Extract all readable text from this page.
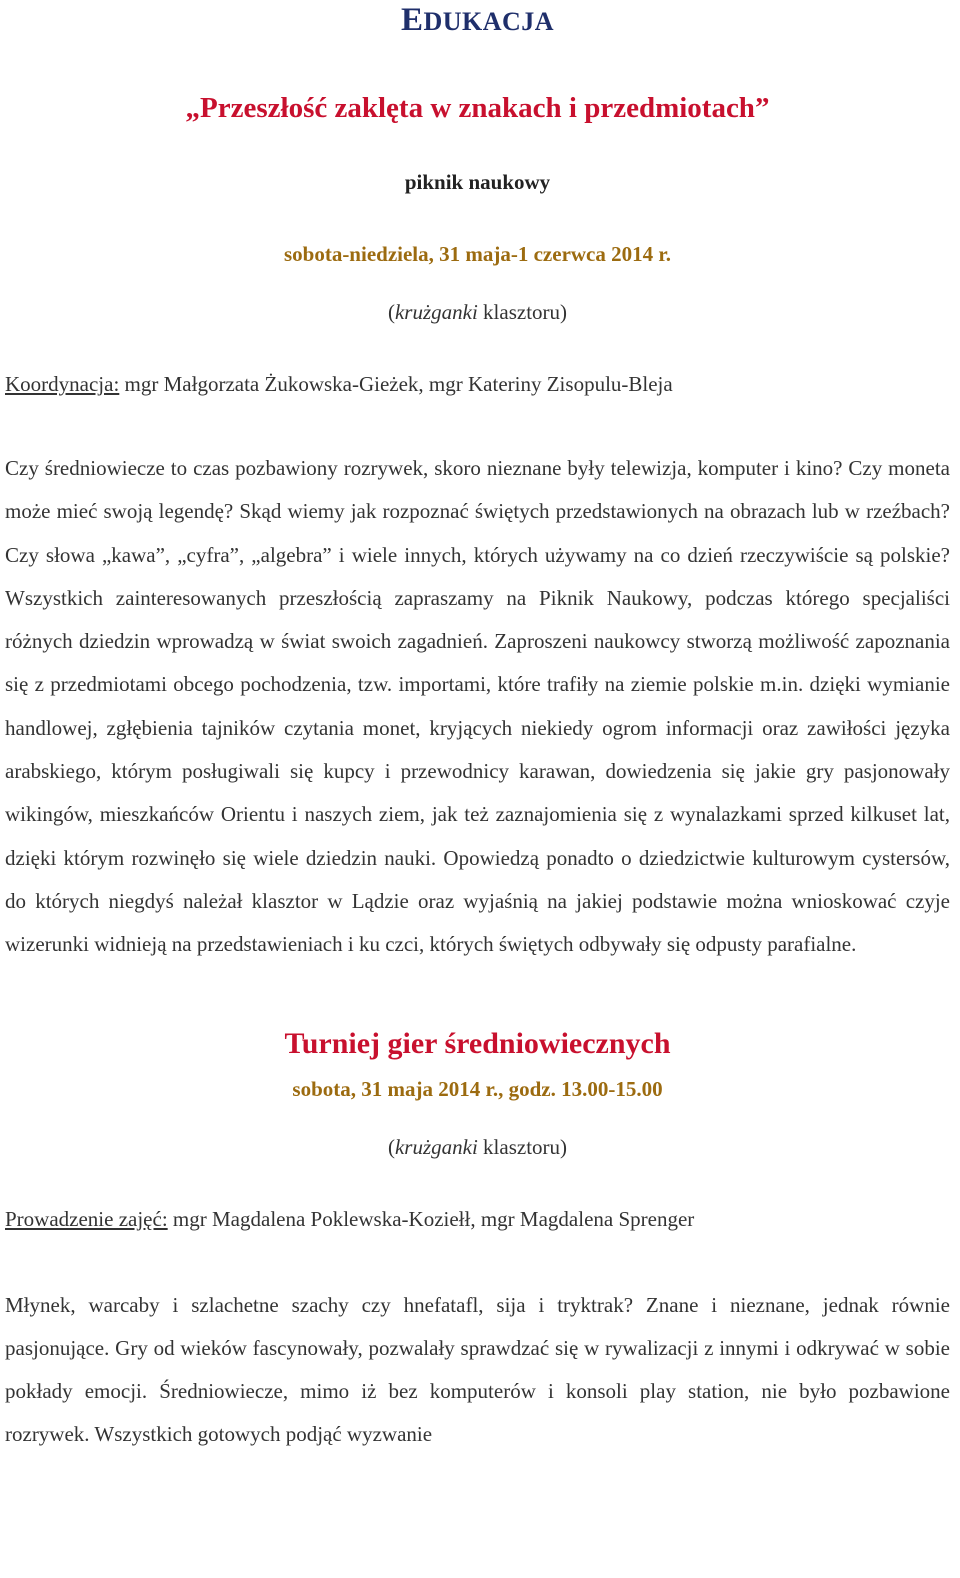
EDUKACJA
„Przeszłość zaklęta w znakach i przedmiotach”
piknik naukowy
sobota-niedziela, 31 maja-1 czerwca 2014 r.
(krużganki klasztoru)
Koordynacja: mgr Małgorzata Żukowska-Gieżek, mgr Kateriny Zisopulu-Bleja
Czy średniowiecze to czas pozbawiony rozrywek, skoro nieznane były telewizja, komputer i kino? Czy moneta może mieć swoją legendę? Skąd wiemy jak rozpoznać świętych przedstawionych na obrazach lub w rzeźbach? Czy słowa „kawa”, „cyfra”, „algebra” i wiele innych, których używamy na co dzień rzeczywiście są polskie? Wszystkich zainteresowanych przeszłością zapraszamy na Piknik Naukowy, podczas którego specjaliści różnych dziedzin wprowadzą w świat swoich zagadnień. Zaproszeni naukowcy stworzą możliwość zapoznania się z przedmiotami obcego pochodzenia, tzw. importami, które trafiły na ziemie polskie m.in. dzięki wymianie handlowej, zgłębienia tajników czytania monet, kryjących niekiedy ogrom informacji oraz zawiłości języka arabskiego, którym posługiwali się kupcy i przewodnicy karawan, dowiedzenia się jakie gry pasjonowały wikingów, mieszkańców Orientu i naszych ziem, jak też zaznajomienia się z wynalazkami sprzed kilkuset lat, dzięki którym rozwinęło się wiele dziedzin nauki. Opowiedzą ponadto o dziedzictwie kulturowym cystersów, do których niegdyś należał klasztor w Lądzie oraz wyjaśnią na jakiej podstawie można wnioskować czyje wizerunki widnieją na przedstawieniach i ku czci, których świętych odbywały się odpusty parafialne.
Turniej gier średniowiecznych
sobota, 31 maja 2014 r., godz. 13.00-15.00
(krużganki klasztoru)
Prowadzenie zajęć: mgr Magdalena Poklewska-Koziełł, mgr Magdalena Sprenger
Młynek, warcaby i szlachetne szachy czy hnefatafl, sija i tryktrak? Znane i nieznane, jednak równie pasjonujące. Gry od wieków fascynowały, pozwalały sprawdzać się w rywalizacji z innymi i odkrywać w sobie pokłady emocji. Średniowiecze, mimo iż bez komputerów i konsoli play station, nie było pozbawione rozrywek. Wszystkich gotowych podjąć wyzwanie
